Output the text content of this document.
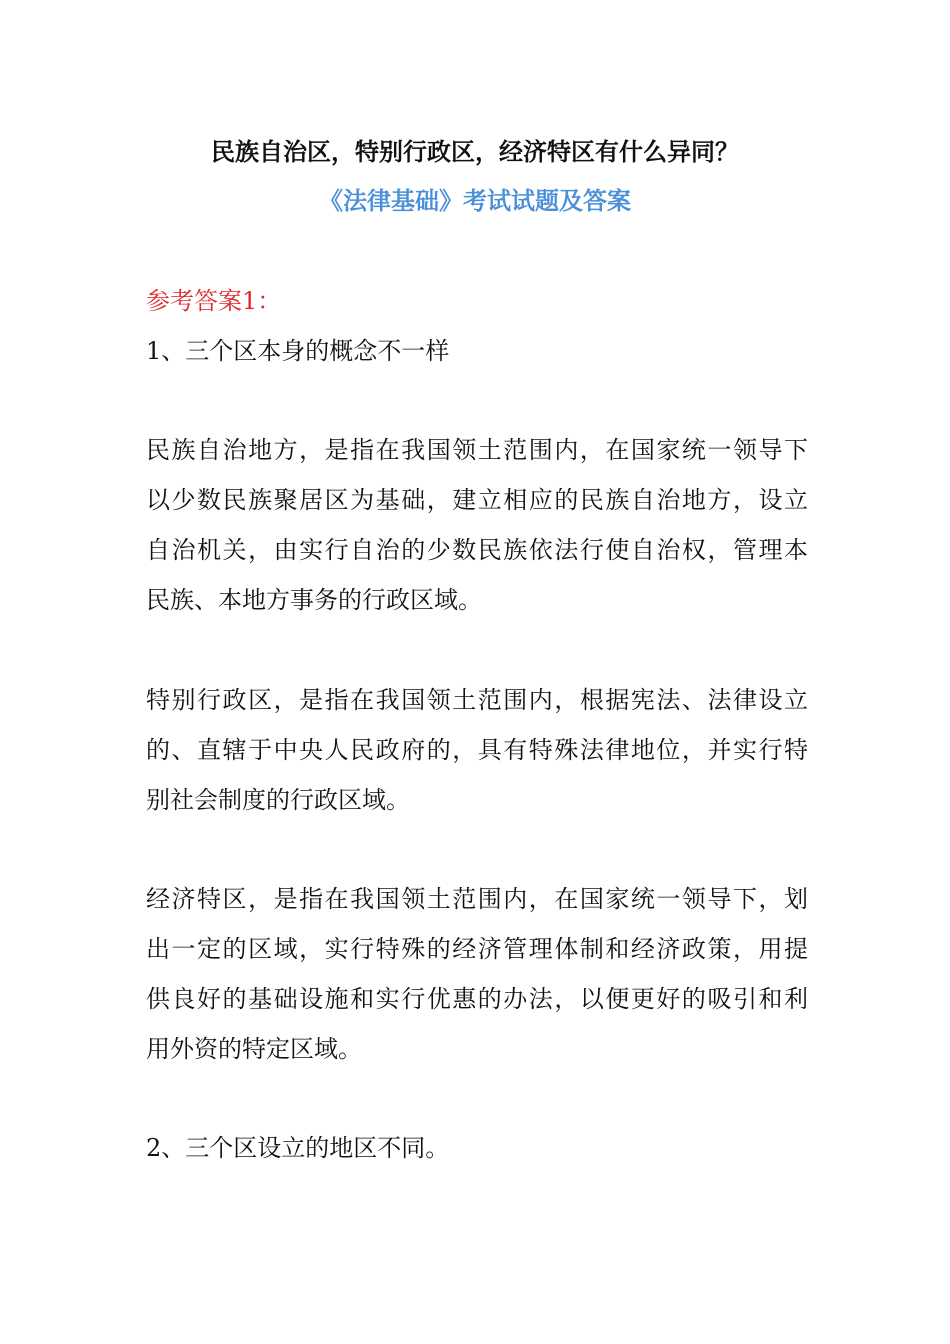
民族自治区，特别行政区，经济特区有什么异同？
《法律基础》考试试题及答案
参考答案1：
1、三个区本身的概念不一样
民族自治地方，是指在我国领土范围内，在国家统一领导下
以少数民族聚居区为基础，建立相应的民族自治地方，设立
自治机关，由实行自治的少数民族依法行使自治权，管理本
民族、本地方事务的行政区域。
特别行政区，是指在我国领土范围内，根据宪法、法律设立
的、直辖于中央人民政府的，具有特殊法律地位，并实行特
别社会制度的行政区域。
经济特区，是指在我国领土范围内，在国家统一领导下，划
出一定的区域，实行特殊的经济管理体制和经济政策，用提
供良好的基础设施和实行优惠的办法，以便更好的吸引和利
用外资的特定区域。
2、三个区设立的地区不同。
